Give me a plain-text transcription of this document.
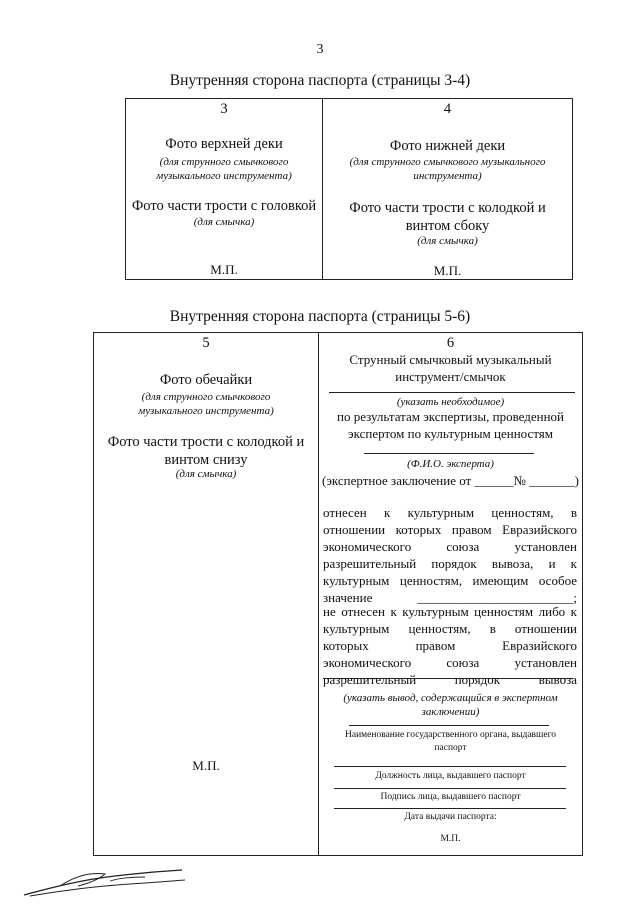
3
Внутренняя сторона паспорта (страницы 3-4)
3
Фото верхней деки
(для струнного смычкового музыкального инструмента)
Фото части трости с головкой
(для смычка)
М.П.
4
Фото нижней деки
(для струнного смычкового музыкального инструмента)
Фото части трости с колодкой и винтом сбоку
(для смычка)
М.П.
Внутренняя сторона паспорта (страницы 5-6)
5
Фото обечайки
(для струнного смычкового музыкального инструмента)
Фото части трости с колодкой и винтом снизу
(для смычка)
М.П.
6
Струнный смычковый музыкальный инструмент/смычок
(указать необходимое)
по результатам экспертизы, проведенной экспертом по культурным ценностям
(Ф.И.О. эксперта)
(экспертное заключение от ______№ _______)
отнесен к культурным ценностям, в отношении которых правом Евразийского экономического союза установлен разрешительный порядок вывоза, и к культурным ценностям, имеющим особое значение ________________________;
не отнесен к культурным ценностям либо к культурным ценностям, в отношении которых правом Евразийского экономического союза установлен разрешительный порядок вывоза
(указать вывод, содержащийся в экспертном заключении)
Наименование государственного органа, выдавшего паспорт
Должность лица, выдавшего паспорт
Подпись лица, выдавшего паспорт
Дата выдачи паспорта:
М.П.
